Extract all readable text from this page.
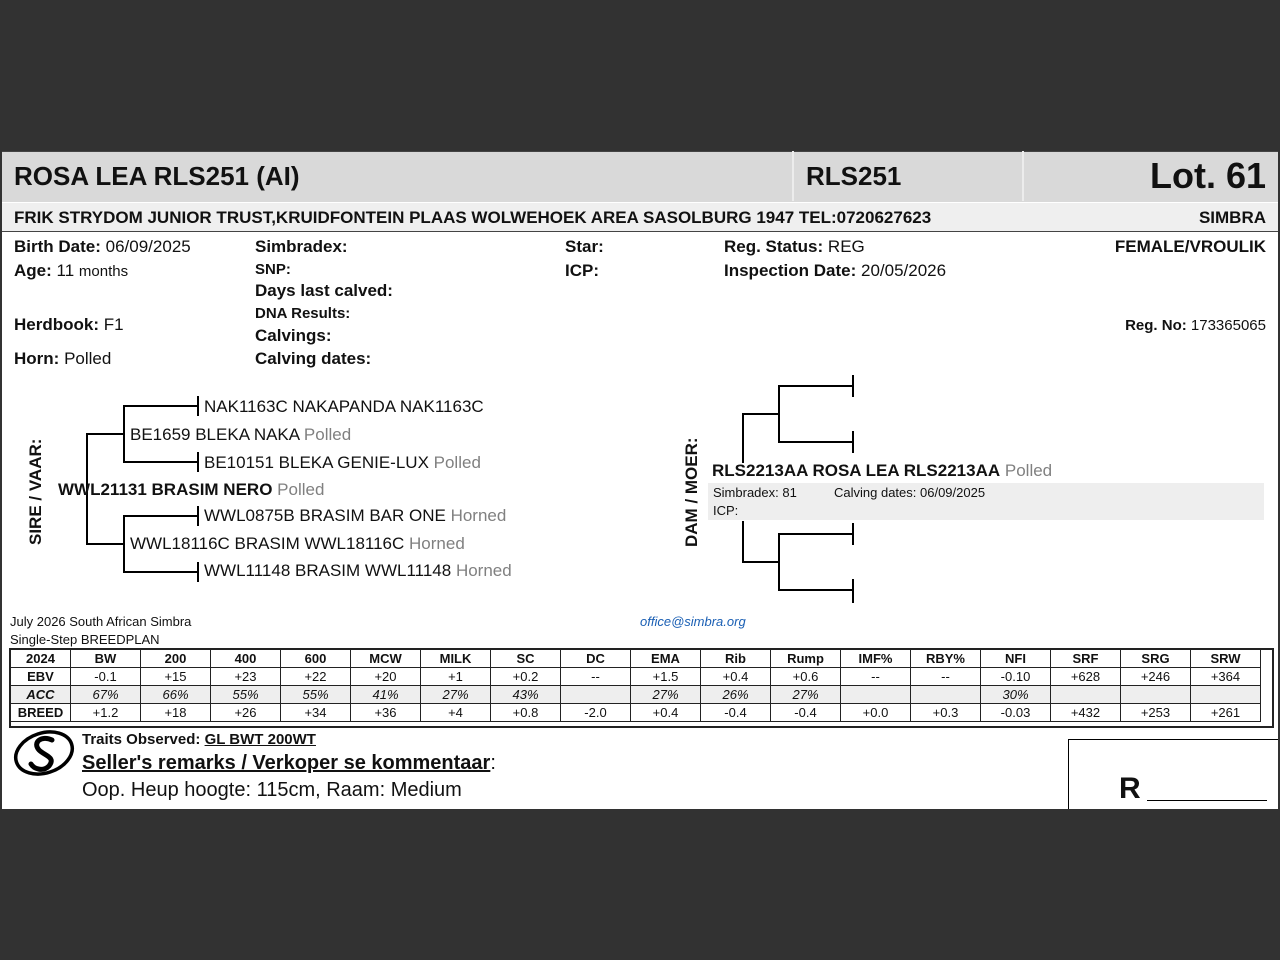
ROSA LEA RLS251 (AI)	RLS251	Lot. 61
FRIK STRYDOM JUNIOR TRUST,KRUIDFONTEIN PLAAS WOLWEHOEK AREA SASOLBURG 1947 TEL:0720627623	SIMBRA
Birth Date: 06/09/2025
Age: 11 months
Herdbook: F1
Horn: Polled
Simbradex:
SNP:
Days last calved:
DNA Results:
Calvings:
Calving dates:
Star:
ICP:
Reg. Status: REG
Inspection Date: 20/05/2026
FEMALE/VROULIK
Reg. No: 173365065
SIRE / VAAR:
NAK1163C NAKAPANDA NAK1163C
BE1659 BLEKA NAKA Polled
BE10151 BLEKA GENIE-LUX Polled
WWL21131 BRASIM NERO Polled
WWL0875B BRASIM BAR ONE Horned
WWL18116C BRASIM WWL18116C Horned
WWL11148 BRASIM WWL11148 Horned
DAM / MOER: RLS2213AA ROSA LEA RLS2213AA Polled
Simbradex: 81	Calving dates: 06/09/2025
ICP:
July 2026 South African Simbra
Single-Step BREEDPLAN
office@simbra.org
2024	BW	200	400	600	MCW	MILK	SC	DC	EMA	Rib	Rump	IMF%	RBY%	NFI	SRF	SRG	SRW
EBV	-0.1	+15	+23	+22	+20	+1	+0.2	--	+1.5	+0.4	+0.6	--	--	-0.10	+628	+246	+364
ACC	67%	66%	55%	55%	41%	27%	43%		27%	26%	27%			30%			
BREED	+1.2	+18	+26	+34	+36	+4	+0.8	-2.0	+0.4	-0.4	-0.4	+0.0	+0.3	-0.03	+432	+253	+261
Traits Observed: GL BWT 200WT
Seller's remarks / Verkoper se kommentaar:
Oop. Heup hoogte: 115cm, Raam: Medium	R
